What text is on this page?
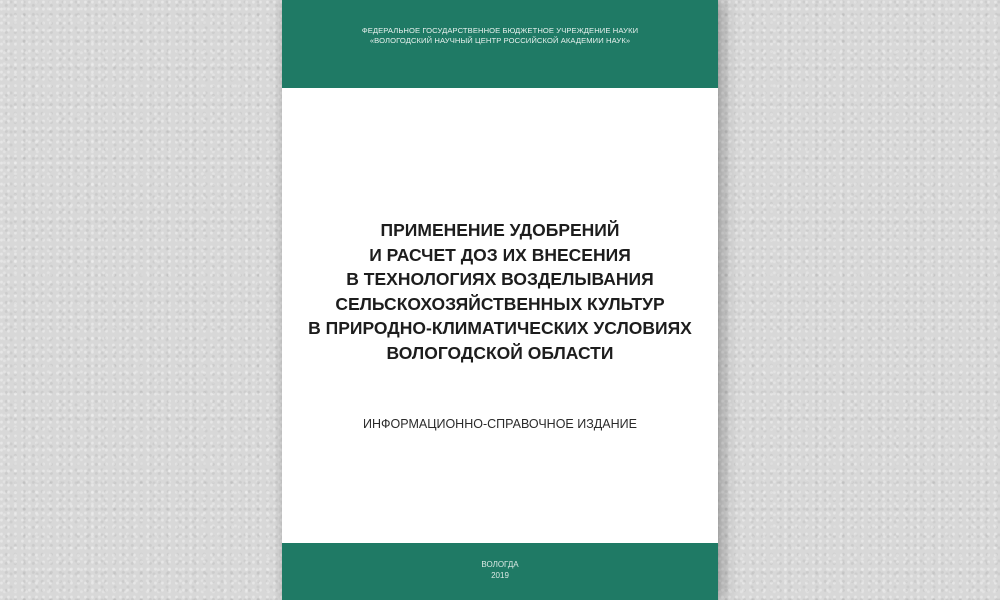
ФЕДЕРАЛЬНОЕ ГОСУДАРСТВЕННОЕ БЮДЖЕТНОЕ УЧРЕЖДЕНИЕ НАУКИ
«ВОЛОГОДСКИЙ НАУЧНЫЙ ЦЕНТР РОССИЙСКОЙ АКАДЕМИИ НАУК»
ПРИМЕНЕНИЕ УДОБРЕНИЙ
И РАСЧЕТ ДОЗ ИХ ВНЕСЕНИЯ
В ТЕХНОЛОГИЯХ ВОЗДЕЛЫВАНИЯ
СЕЛЬСКОХОЗЯЙСТВЕННЫХ КУЛЬТУР
В ПРИРОДНО-КЛИМАТИЧЕСКИХ УСЛОВИЯХ
ВОЛОГОДСКОЙ ОБЛАСТИ
ИНФОРМАЦИОННО-СПРАВОЧНОЕ ИЗДАНИЕ
ВОЛОГДА
2019
